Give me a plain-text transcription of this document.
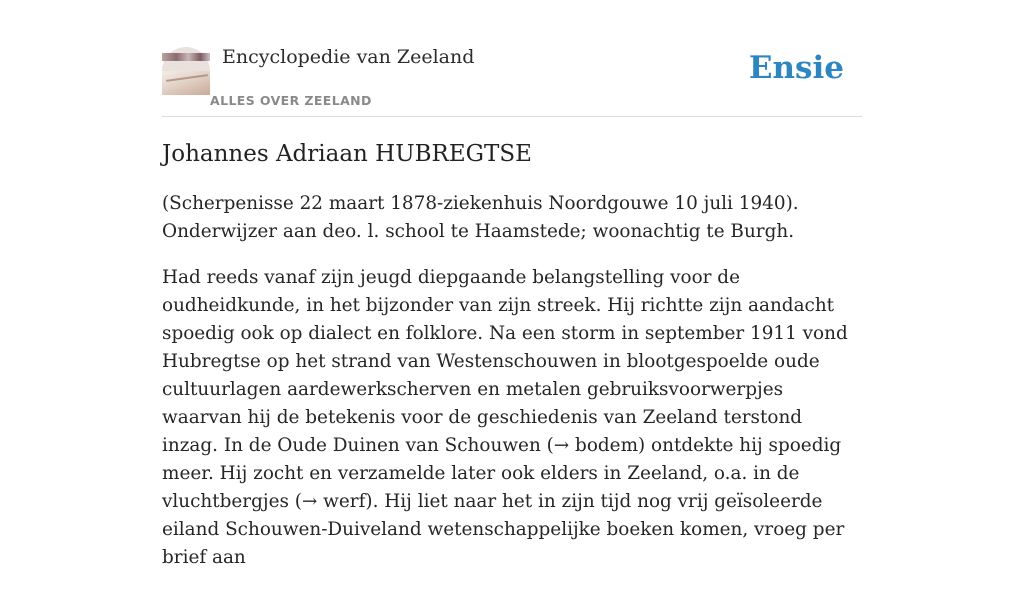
Encyclopedie van Zeeland
ALLES OVER ZEELAND
Ensie
Johannes Adriaan HUBREGTSE

(Scherpenisse 22 maart 1878-ziekenhuis Noordgouwe 10 juli 1940). Onderwijzer aan deo. l. school te Haamstede; woonachtig te Burgh.

Had reeds vanaf zijn jeugd diepgaande belangstelling voor de oudheidkunde, in het bijzonder van zijn streek. Hij richtte zijn aandacht spoedig ook op dialect en folklore. Na een storm in september 1911 vond Hubregtse op het strand van Westenschouwen in blootgespoelde oude cultuurlagen aardewerkscherven en metalen gebruiksvoorwerpjes waarvan hij de betekenis voor de geschiedenis van Zeeland terstond inzag. In de Oude Duinen van Schouwen (→ bodem) ontdekte hij spoedig meer. Hij zocht en verzamelde later ook elders in Zeeland, o.a. in de vluchtbergjes (→ werf). Hij liet naar het in zijn tijd nog vrij geïsoleerde eiland Schouwen-Duiveland wetenschappelijke boeken komen, vroeg per brief aan
